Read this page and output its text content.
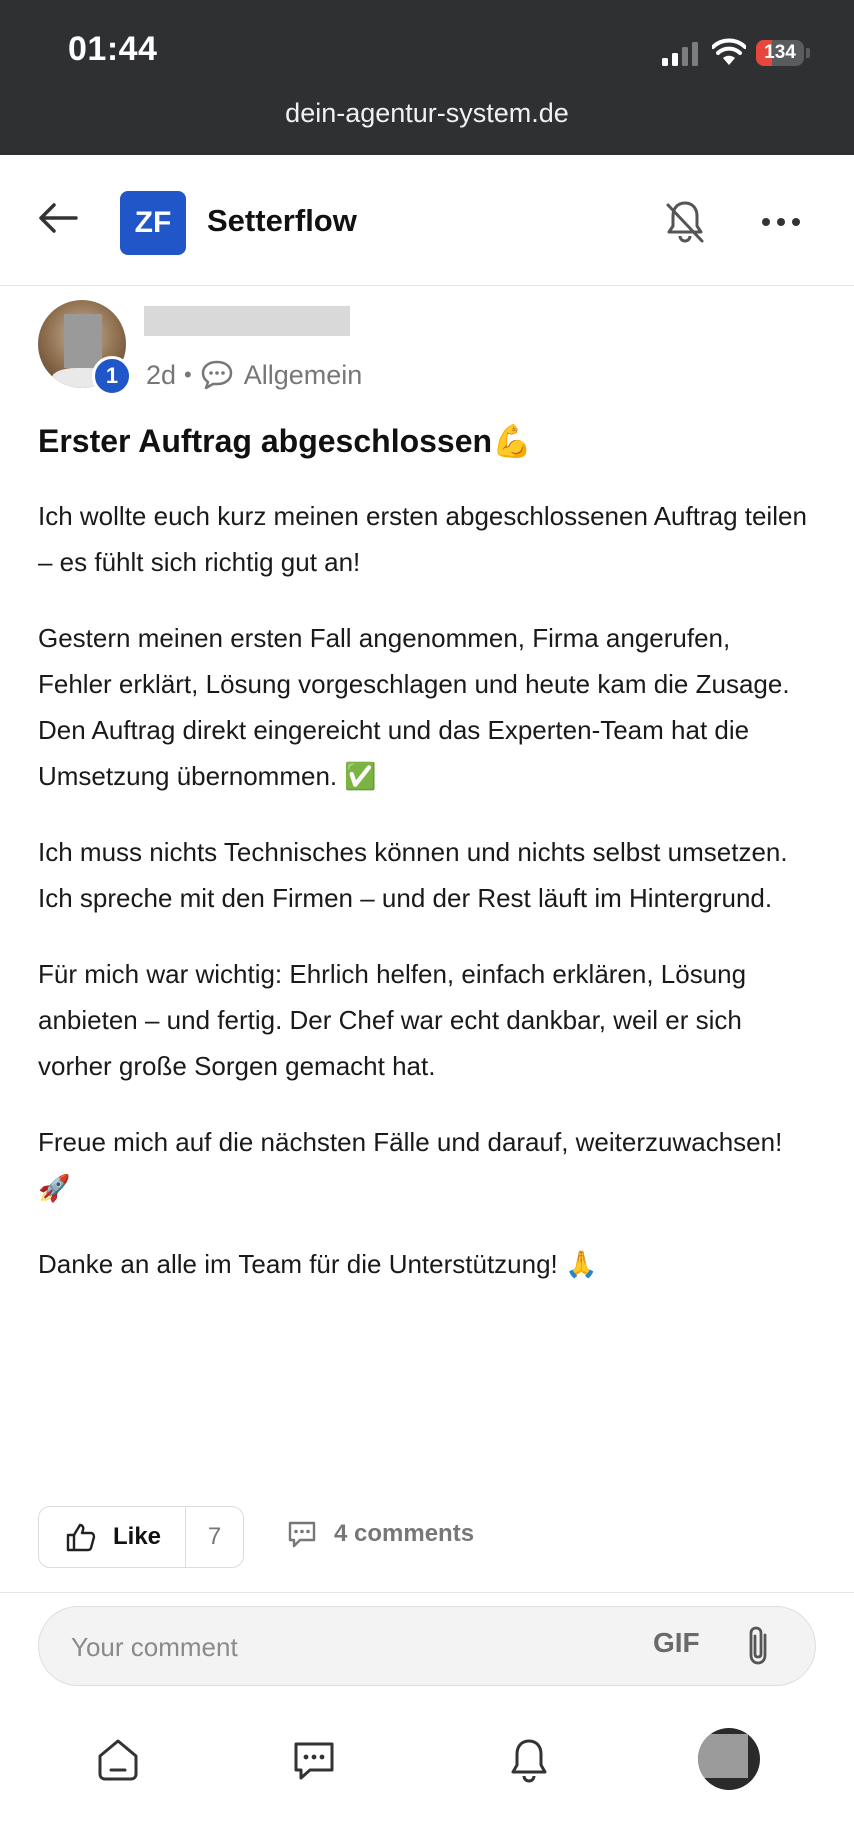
01:44	134
dein-agentur-system.de
ZF	Setterflow
1	2d • Allgemein
Erster Auftrag abgeschlossen💪

Ich wollte euch kurz meinen ersten abgeschlossenen Auftrag teilen – es fühlt sich richtig gut an!

Gestern meinen ersten Fall angenommen, Firma angerufen, Fehler erklärt, Lösung vorgeschlagen und heute kam die Zusage. Den Auftrag direkt eingereicht und das Experten-Team hat die Umsetzung übernommen. ✅

Ich muss nichts Technisches können und nichts selbst umsetzen. Ich spreche mit den Firmen – und der Rest läuft im Hintergrund.

Für mich war wichtig: Ehrlich helfen, einfach erklären, Lösung anbieten – und fertig. Der Chef war echt dankbar, weil er sich vorher große Sorgen gemacht hat.

Freue mich auf die nächsten Fälle und darauf, weiterzuwachsen! 🚀

Danke an alle im Team für die Unterstützung! 🙏

Like	7	4 comments
Your comment
GIF
